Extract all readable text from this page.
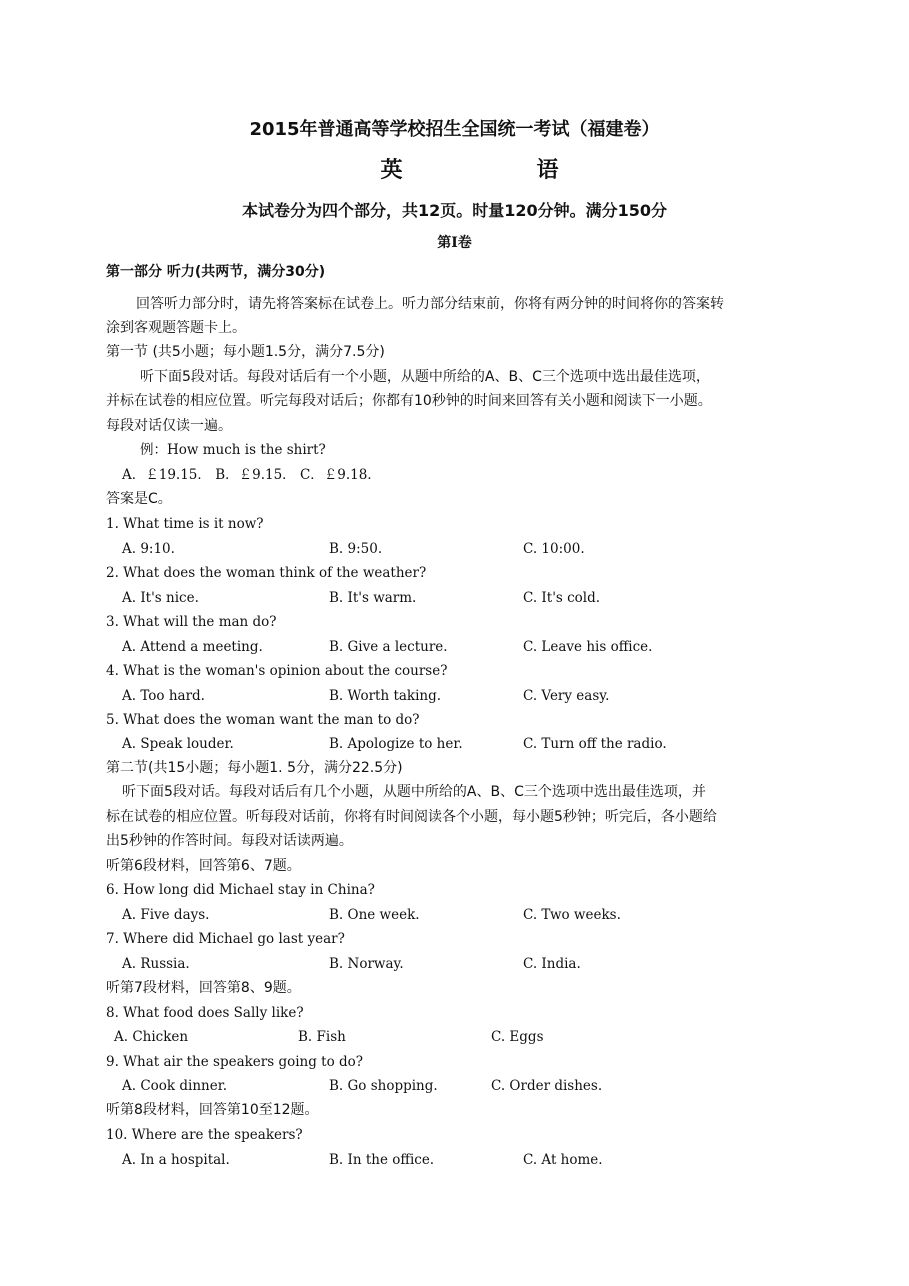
2015年普通高等学校招生全国统一考试（福建卷）
英　　语
本试卷分为四个部分，共12页。时量120分钟。满分150分
第Ⅰ卷
第一部分 听力(共两节，满分30分)
回答听力部分时，请先将答案标在试卷上。听力部分结束前，你将有两分钟的时间将你的答案转
涂到客观题答题卡上。
第一节 (共5小题；每小题1.5分，满分7.5分)
听下面5段对话。每段对话后有一个小题，从题中所给的A、B、C三个选项中选出最佳选项，
并标在试卷的相应位置。听完每段对话后；你都有10秒钟的时间来回答有关小题和阅读下一小题。
每段对话仅读一遍。
例：How much is the shirt?
A．￡19.15． B．￡9.15． C．￡9.18．
答案是C。
1. What time is it now?
A. 9:10.	B. 9:50.	C. 10:00.
2. What does the woman think of the weather?
A. It's nice.	B. It's warm.	C. It's cold.
3. What will the man do?
A. Attend a meeting.	B. Give a lecture.	C. Leave his office.
4. What is the woman's opinion about the course?
A. Too hard.	B. Worth taking.	C. Very easy.
5. What does the woman want the man to do?
A. Speak louder.	B. Apologize to her.	C. Turn off the radio.
第二节(共15小题；每小题1. 5分，满分22.5分)
听下面5段对话。每段对话后有几个小题，从题中所给的A、B、C三个选项中选出最佳选项，并
标在试卷的相应位置。听每段对话前，你将有时间阅读各个小题，每小题5秒钟；听完后，各小题给
出5秒钟的作答时间。每段对话读两遍。
听第6段材料，回答第6、7题。
6. How long did Michael stay in China?
A. Five days.	B. One week.	C. Two weeks.
7. Where did Michael go last year?
A. Russia.	B. Norway.	C. India.
听第7段材料，回答第8、9题。
8. What food does Sally like?
A. Chicken	B. Fish	C. Eggs
9. What air the speakers going to do?
A. Cook dinner.	B. Go shopping.	C. Order dishes.
听第8段材料，回答第10至12题。
10. Where are the speakers?
A. In a hospital.	B. In the office.	C. At home.
